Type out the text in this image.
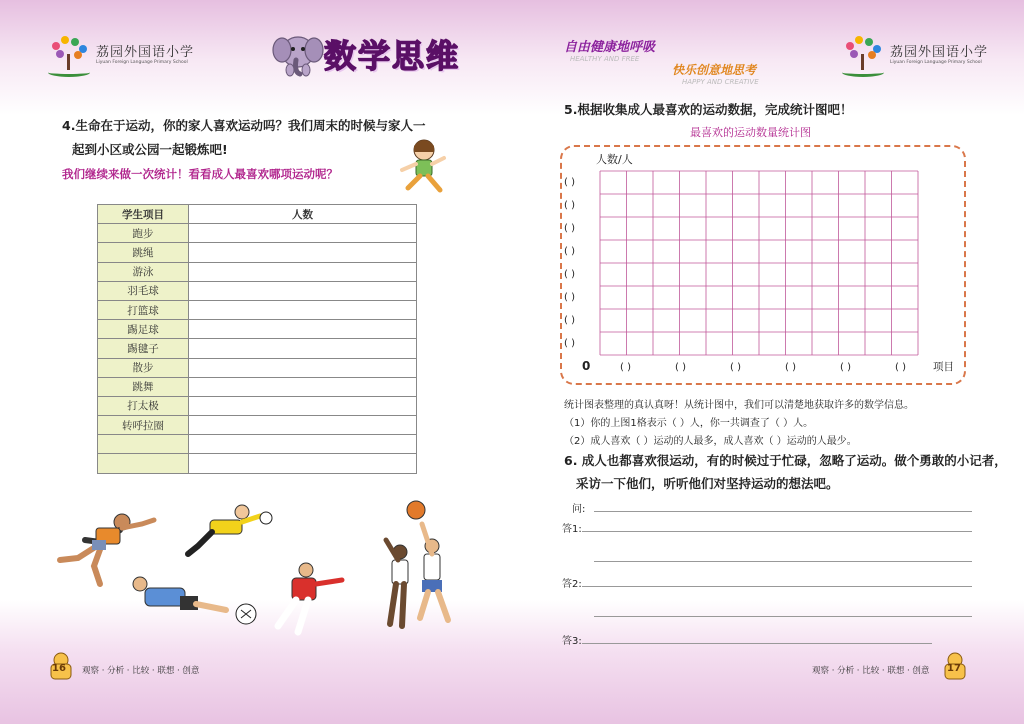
荔园外国语小学
Liyuan Foreign Language Primary School	数学思维
4.生命在于运动，你的家人喜欢运动吗？我们周末的时候与家人一
起到小区或公园一起锻炼吧!
我们继续来做一次统计！看看成人最喜欢哪项运动呢？
学生项目	人数
跑步	
跳绳	
游泳	
羽毛球	
打篮球	
踢足球	
踢毽子	
散步	
跳舞	
打太极	
转呼拉圈	

16 观察 · 分析 · 比较 · 联想 · 创意
自由健康地呼吸
HEALTHY AND FREE
快乐创意地思考
HAPPY AND CREATIVE
荔园外国语小学
Liyuan Foreign Language Primary School
5.根据收集成人最喜欢的运动数据，完成统计图吧！
最喜欢的运动数量统计图
人数/人
0	项目
( )
( )
( )
( )
( )
( )
( )
( )
( )	( )	( )	( )	( )	( )
统计图表整理的真认真呀！从统计图中，我们可以清楚地获取许多的数学信息。
（1）你的上图1格表示（ ）人，你一共调查了（ ）人。
（2）成人喜欢（ ）运动的人最多，成人喜欢（ ）运动的人最少。
6. 成人也都喜欢很运动，有的时候过于忙碌，忽略了运动。做个勇敢的小记者，
采访一下他们，听听他们对坚持运动的想法吧。
问:
答1:
答2:
答3:
观察 · 分析 · 比较 · 联想 · 创意 17
